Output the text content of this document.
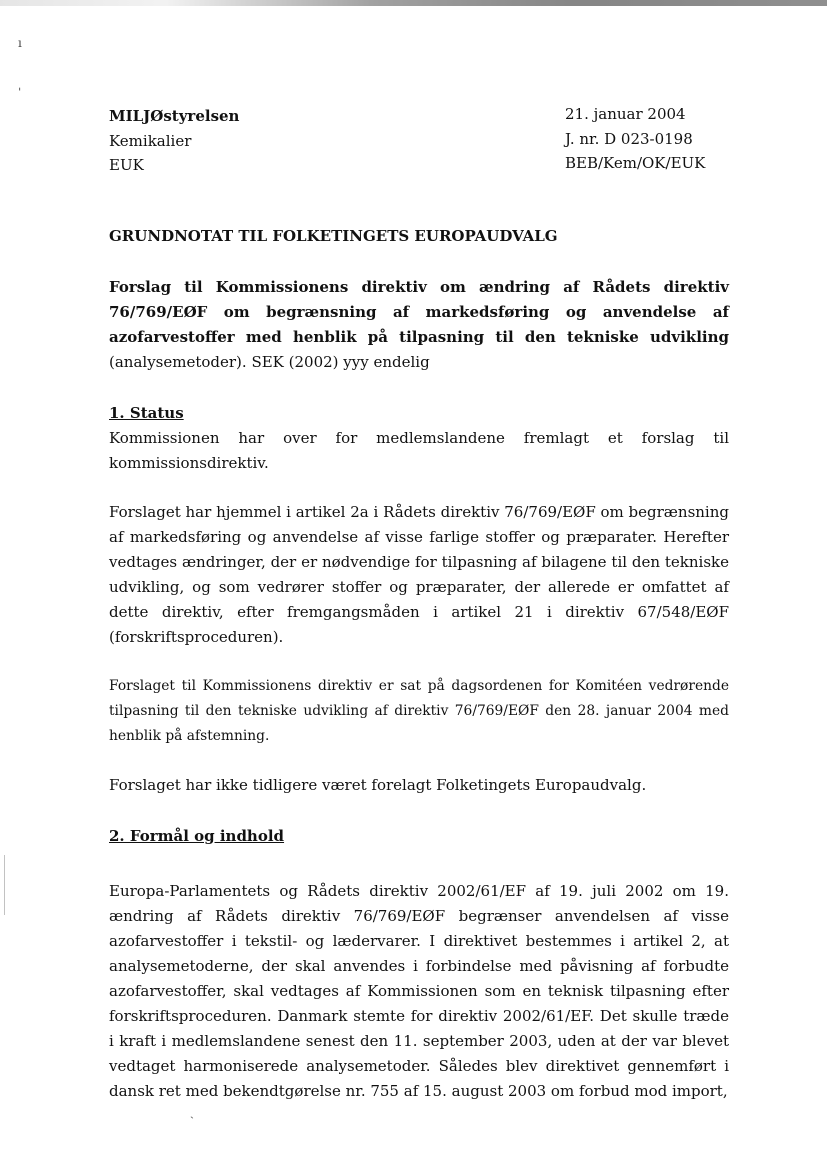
ı
ˌ
ˏ
MILJØstyrelsen
Kemikalier
EUK
21. januar 2004
J. nr. D 023-0198
BEB/Kem/OK/EUK
GRUNDNOTAT TIL FOLKETINGETS EUROPAUDVALG
Forslag til Kommissionens direktiv om ændring af Rådets direktiv 76/769/EØF om begrænsning af markedsføring og anvendelse af azofarvestoffer med henblik på tilpasning til den tekniske udvikling (analysemetoder). SEK (2002) yyy endelig
1. Status
Kommissionen har over for medlemslandene fremlagt et forslag til kommissionsdirektiv.
Forslaget har hjemmel i artikel 2a i Rådets direktiv 76/769/EØF om begrænsning af markedsføring og anvendelse af visse farlige stoffer og præparater. Herefter vedtages ændringer, der er nødvendige for tilpasning af bilagene til den tekniske udvikling, og som vedrører stoffer og præparater, der allerede er omfattet af dette direktiv, efter fremgangsmåden i artikel 21 i direktiv 67/548/EØF (forskriftsproceduren).
Forslaget til Kommissionens direktiv er sat på dagsordenen for Komitéen vedrørende tilpasning til den tekniske udvikling af direktiv 76/769/EØF den 28. januar 2004 med henblik på afstemning.
Forslaget har ikke tidligere været forelagt Folketingets Europaudvalg.
2. Formål og indhold
Europa-Parlamentets og Rådets direktiv 2002/61/EF af 19. juli 2002 om 19. ændring af Rådets direktiv 76/769/EØF begrænser anvendelsen af visse azofarvestoffer i tekstil- og lædervarer. I direktivet bestemmes i artikel 2, at analysemetoderne, der skal anvendes i forbindelse med påvisning af forbudte azofarvestoffer, skal vedtages af Kommissionen som en teknisk tilpasning efter forskriftsproceduren. Danmark stemte for direktiv 2002/61/EF. Det skulle træde i kraft i medlemslandene senest den 11. september 2003, uden at der var blevet vedtaget harmoniserede analysemetoder. Således blev direktivet gennemført i dansk ret med bekendtgørelse nr. 755 af 15. august 2003 om forbud mod import,
